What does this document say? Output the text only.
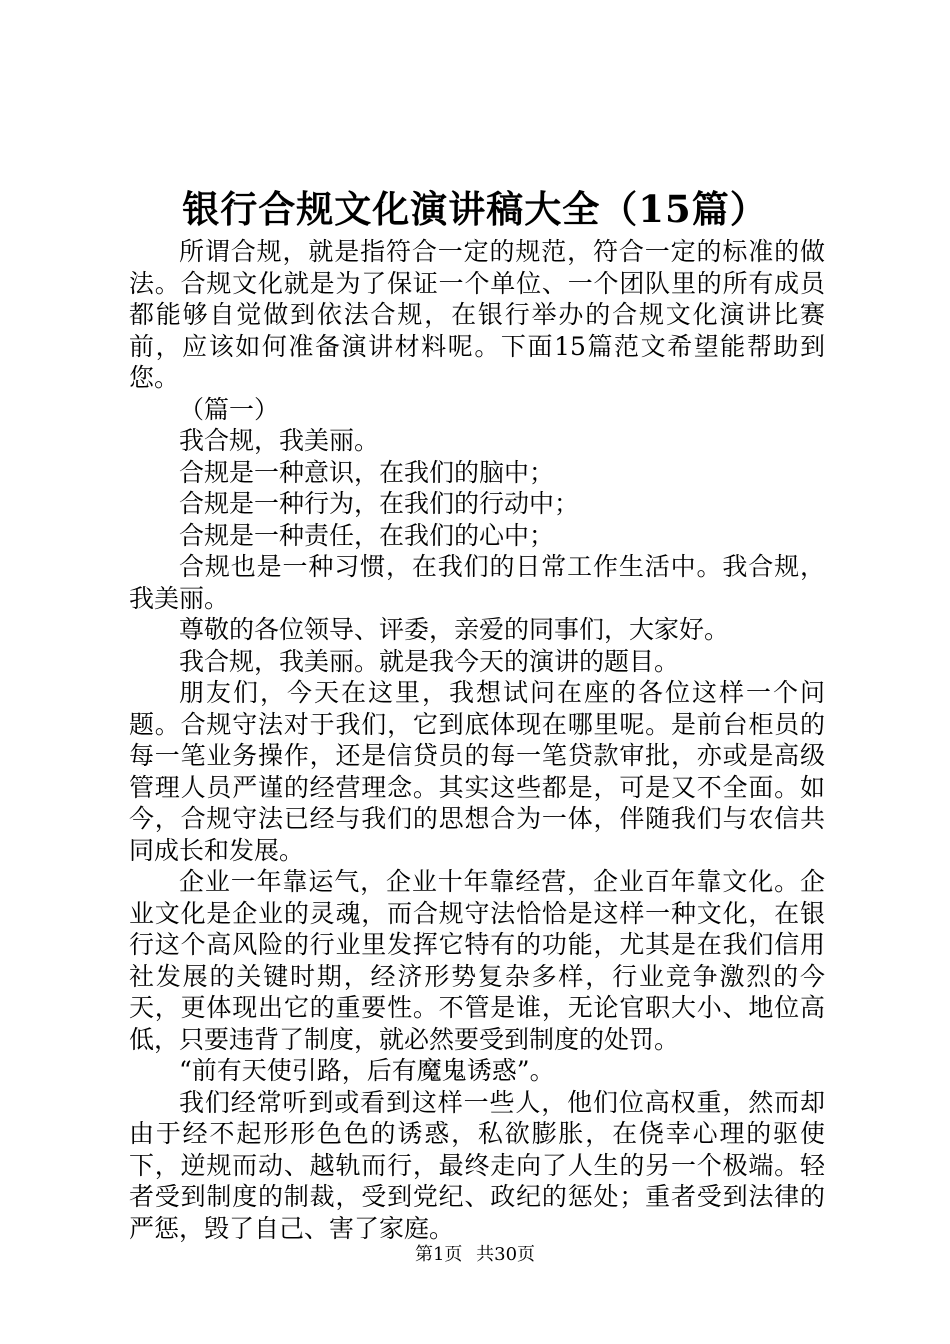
银行合规文化演讲稿大全（15篇）

所谓合规，就是指符合一定的规范，符合一定的标准的做法。合规文化就是为了保证一个单位、一个团队里的所有成员都能够自觉做到依法合规，在银行举办的合规文化演讲比赛前，应该如何准备演讲材料呢。下面15篇范文希望能帮助到您。

（篇一）

我合规，我美丽。

合规是一种意识，在我们的脑中；

合规是一种行为，在我们的行动中；

合规是一种责任，在我们的心中；

合规也是一种习惯，在我们的日常工作生活中。我合规，我美丽。

尊敬的各位领导、评委，亲爱的同事们，大家好。

我合规，我美丽。就是我今天的演讲的题目。

朋友们，今天在这里，我想试问在座的各位这样一个问题。合规守法对于我们，它到底体现在哪里呢。是前台柜员的每一笔业务操作，还是信贷员的每一笔贷款审批，亦或是高级管理人员严谨的经营理念。其实这些都是，可是又不全面。如今，合规守法已经与我们的思想合为一体，伴随我们与农信共同成长和发展。

企业一年靠运气，企业十年靠经营，企业百年靠文化。企业文化是企业的灵魂，而合规守法恰恰是这样一种文化，在银行这个高风险的行业里发挥它特有的功能，尤其是在我们信用社发展的关键时期，经济形势复杂多样，行业竞争激烈的今天，更体现出它的重要性。不管是谁，无论官职大小、地位高低，只要违背了制度，就必然要受到制度的处罚。

“前有天使引路，后有魔鬼诱惑”。

我们经常听到或看到这样一些人，他们位高权重，然而却由于经不起形形色色的诱惑，私欲膨胀，在侥幸心理的驱使下，逆规而动、越轨而行，最终走向了人生的另一个极端。轻者受到制度的制裁，受到党纪、政纪的惩处；重者受到法律的严惩，毁了自己、害了家庭。

第1页 共30页
